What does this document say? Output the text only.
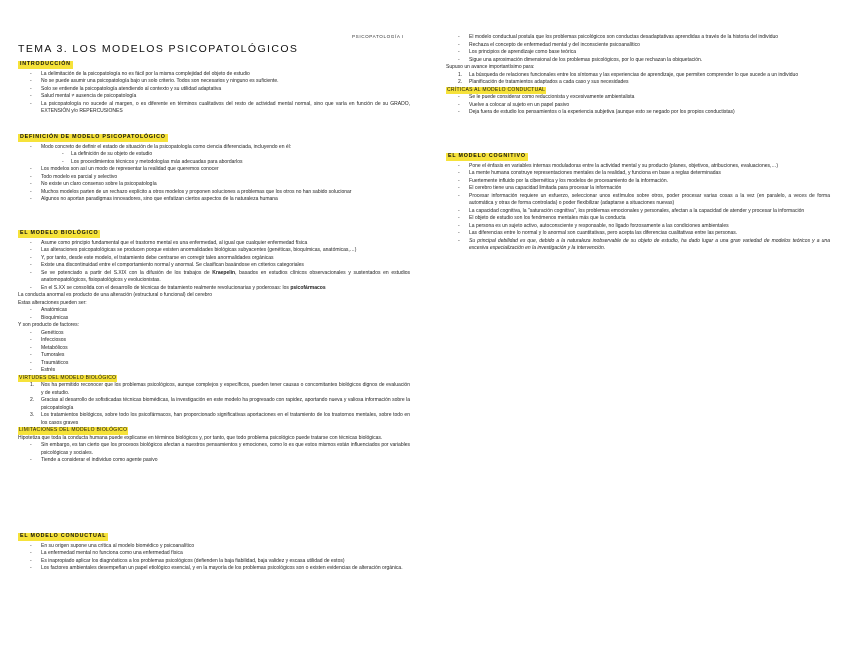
PSICOPATOLOGÍA I
TEMA 3. LOS MODELOS PSICOPATOLÓGICOS
INTRODUCCIÓN
- La delimitación de la psicopatología no es fácil por la misma complejidad del objeto de estudio
- No se puede asumir una psicopatología bajo un solo criterio. Todos son necesarios y ninguno es suficiente.
- Solo se entiende la psicopatología atendiendo al contexto y su utilidad adaptativa
- Salud mental ≠ ausencia de psicopatología
- La psicopatología no sucede al margen, o es diferente en términos cualitativos del resto de actividad mental normal, sino que varía en función de su GRADO, EXTENSIÓN y/o REPERCUSIONES
DEFINICIÓN DE MODELO PSICOPATOLÓGICO
- Modo concreto de definir el estado de situación de la psicopatología como ciencia diferenciada, incluyendo en él:
- La definición de su objeto de estudio
- Los procedimientos técnicos y metodologías más adecuadas para abordarlos
- Los modelos son así un modo de representar la realidad que queremos conocer
- Todo modelo es parcial y selectivo
- No existe un claro consenso sobre la psicopatología
- Muchos modelos parten de un rechazo explícito a otros modelos y proponen soluciones a problemas que los otros no han sabido solucionar
- Algunos no aportan paradigmas innovadores, sino que enfatizan ciertos aspectos de la naturaleza humana
EL MODELO BIOLÓGICO
- Asume como principio fundamental que el trastorno mental es una enfermedad, al igual que cualquier enfermedad física
- Las alteraciones psicopatológicas se producen porque existen anormalidades biológicas subyacentes (genéticas, bioquímicas, anatómicas,…)
- Y, por tanto, desde este modelo, el tratamiento debe centrarse en corregir tales anormalidades orgánicas
- Existe una discontinuidad entre el comportamiento normal y anormal. Se clasifican basándose en criterios categoriales
- Se ve potenciado a partir del S.XIX con la difusión de los trabajos de Kraepelin, basados en estudios clínicos observacionales y sustentados en estudios anatomopatológicos, fisiopatológicos y evolucionistas.
- En el S.XX se consolida con el desarrollo de técnicas de tratamiento realmente revolucionarias y poderosas: los psicofármacos

La conducta anormal es producto de una alteración (estructural o funcional) del cerebro

Estas alteraciones pueden ser:

- Anatómicas
- Bioquímicas

Y son producto de factores:

- Genéticos
- Infecciosos
- Metabólicos
- Tumorales
- Traumáticos
- Estrés
VIRTUDES DEL MODELO BIOLÓGICO
1. Nos ha permitido reconocer que los problemas psicológicos, aunque complejos y específicos, pueden tener causas o concomitantes biológicos dignos de evaluación y de estudio.
2. Gracias al desarrollo de sofisticadas técnicas biomédicas, la investigación en este modelo ha progresado con rapidez, aportando nueva y valiosa información sobre la psicopatología
3. Los tratamientos biológicos, sobre todo los psicofármacos, han proporcionado significativas aportaciones en el tratamiento de los trastornos mentales, sobre todo en los casos graves
LIMITACIONES DEL MODELO BIOLÓGICO

Hipotetiza que toda la conducta humana puede explicarse en términos biológicos y, por tanto, que todo problema psicológico puede tratarse con técnicas biológicas.

- Sin embargo, es tan cierto que los procesos biológicos afectan a nuestros pensamientos y emociones, como lo es que estos mismos están influenciados por variables psicológicas y sociales.
- Tiende a considerar el individuo como agente pasivo
EL MODELO CONDUCTUAL
- En su origen supone una crítica al modelo biomédico y psicoanalítico
- La enfermedad mental no funciona como una enfermedad física
- Es inapropiado aplicar los diagnósticos a los problemas psicológicos (defienden la baja fiabilidad, baja validez y escasa utilidad de estos)
- Los factores ambientales desempeñan un papel etiológico esencial, y en la mayoría de los problemas psicológicos son o existen evidencias de alteración orgánica.
- El modelo conductual postula que los problemas psicológicos son conductas desadaptativas aprendidas a través de la historia del individuo
- Rechaza el concepto de enfermedad mental y del inconsciente psicoanalítico
- Los principios de aprendizaje como base teórica
- Sigue una aproximación dimensional de los problemas psicológicos, por lo que rechazan la obiquetación.

Supuso un avance importantísimo para:

1. La búsqueda de relaciones funcionales entre los síntomas y las experiencias de aprendizaje, que permiten comprender lo que sucede a un individuo
2. Planificación de tratamientos adaptados a cada caso y sus necesidades
CRÍTICAS AL MODELO CONDUCTUAL
- Se le puede considerar como reduccionista y excesivamente ambientalista
- Vuelve a colocar al sujeto en un papel pasivo
- Deja fuera de estudio los pensamientos o la experiencia subjetiva (aunque esto se negado por los propios conductistas)
EL MODELO COGNITIVO
- Pone el énfasis en variables internas moduladoras entre la actividad mental y su producto (planes, objetivos, atribuciones, evaluaciones,…)
- La mente humana construye representaciones mentales de la realidad, y funciona en base a reglas determinadas
- Fuertemente influido por la cibernética y los modelos de procesamiento de la información.
- El cerebro tiene una capacidad limitada para procesar la información
- Procesar información requiere un esfuerzo, seleccionar unos estímulos sobre otros, poder procesar varias cosas a la vez (en paralelo, a veces de forma automática y otras de forma controlada) o poder flexibilizar (adaptarse a situaciones nuevas)
- La capacidad cognitiva, la "saturación cognitiva", los problemas emocionales y personales, afectan a la capacidad de atender y procesar la información
- El objeto de estudio son los fenómenos mentales más que la conducta
- La persona es un sujeto activo, autoconsciente y responsable, no ligado forzosamente a las condiciones ambientales
- Las diferencias entre lo normal y lo anormal son cuantitativas, pero acepta las diferencias cualitativas entre las personas.
- Su principal debilidad es que, debido a la naturaleza inobservable de su objeto de estudio, ha dado lugar a una gran variedad de modelos teóricos y a una excesiva especialización en la investigación y la intervención.
